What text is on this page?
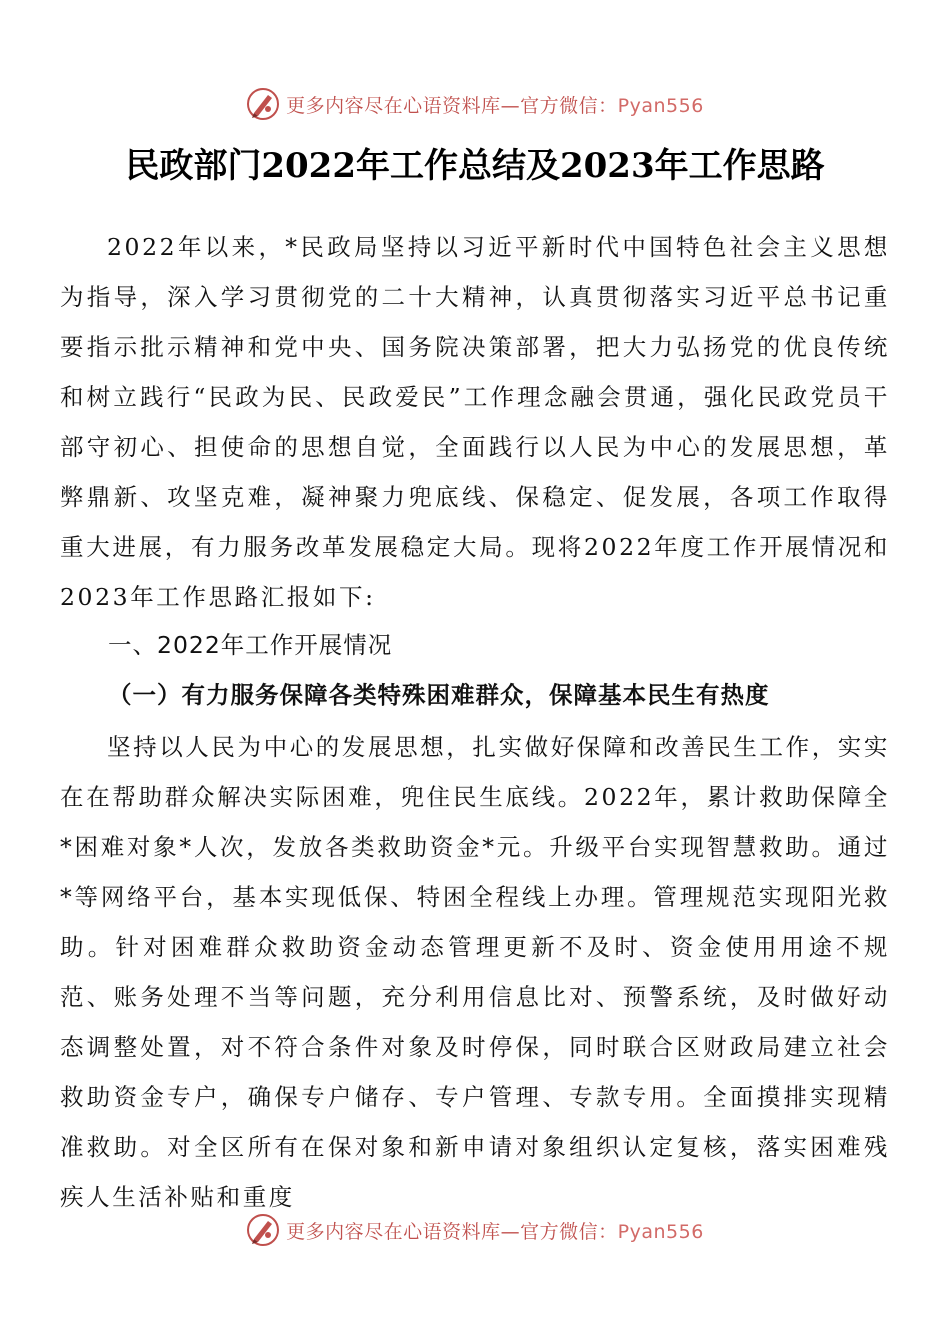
更多内容尽在心语资料库—官方微信：Pyan556
民政部门2022年工作总结及2023年工作思路

2022年以来，*民政局坚持以习近平新时代中国特色社会主义思想为指导，深入学习贯彻党的二十大精神，认真贯彻落实习近平总书记重要指示批示精神和党中央、国务院决策部署，把大力弘扬党的优良传统和树立践行“民政为民、民政爱民”工作理念融会贯通，强化民政党员干部守初心、担使命的思想自觉，全面践行以人民为中心的发展思想，革弊鼎新、攻坚克难，凝神聚力兜底线、保稳定、促发展，各项工作取得重大进展，有力服务改革发展稳定大局。现将2022年度工作开展情况和2023年工作思路汇报如下:

一、2022年工作开展情况
（一）有力服务保障各类特殊困难群众，保障基本民生有热度

坚持以人民为中心的发展思想，扎实做好保障和改善民生工作，实实在在帮助群众解决实际困难，兜住民生底线。2022年，累计救助保障全*困难对象*人次，发放各类救助资金*元。升级平台实现智慧救助。通过*等网络平台，基本实现低保、特困全程线上办理。管理规范实现阳光救助。针对困难群众救助资金动态管理更新不及时、资金使用用途不规范、账务处理不当等问题，充分利用信息比对、预警系统，及时做好动态调整处置，对不符合条件对象及时停保，同时联合区财政局建立社会救助资金专户，确保专户储存、专户管理、专款专用。全面摸排实现精准救助。对全区所有在保对象和新申请对象组织认定复核，落实困难残疾人生活补贴和重度

更多内容尽在心语资料库—官方微信：Pyan556
